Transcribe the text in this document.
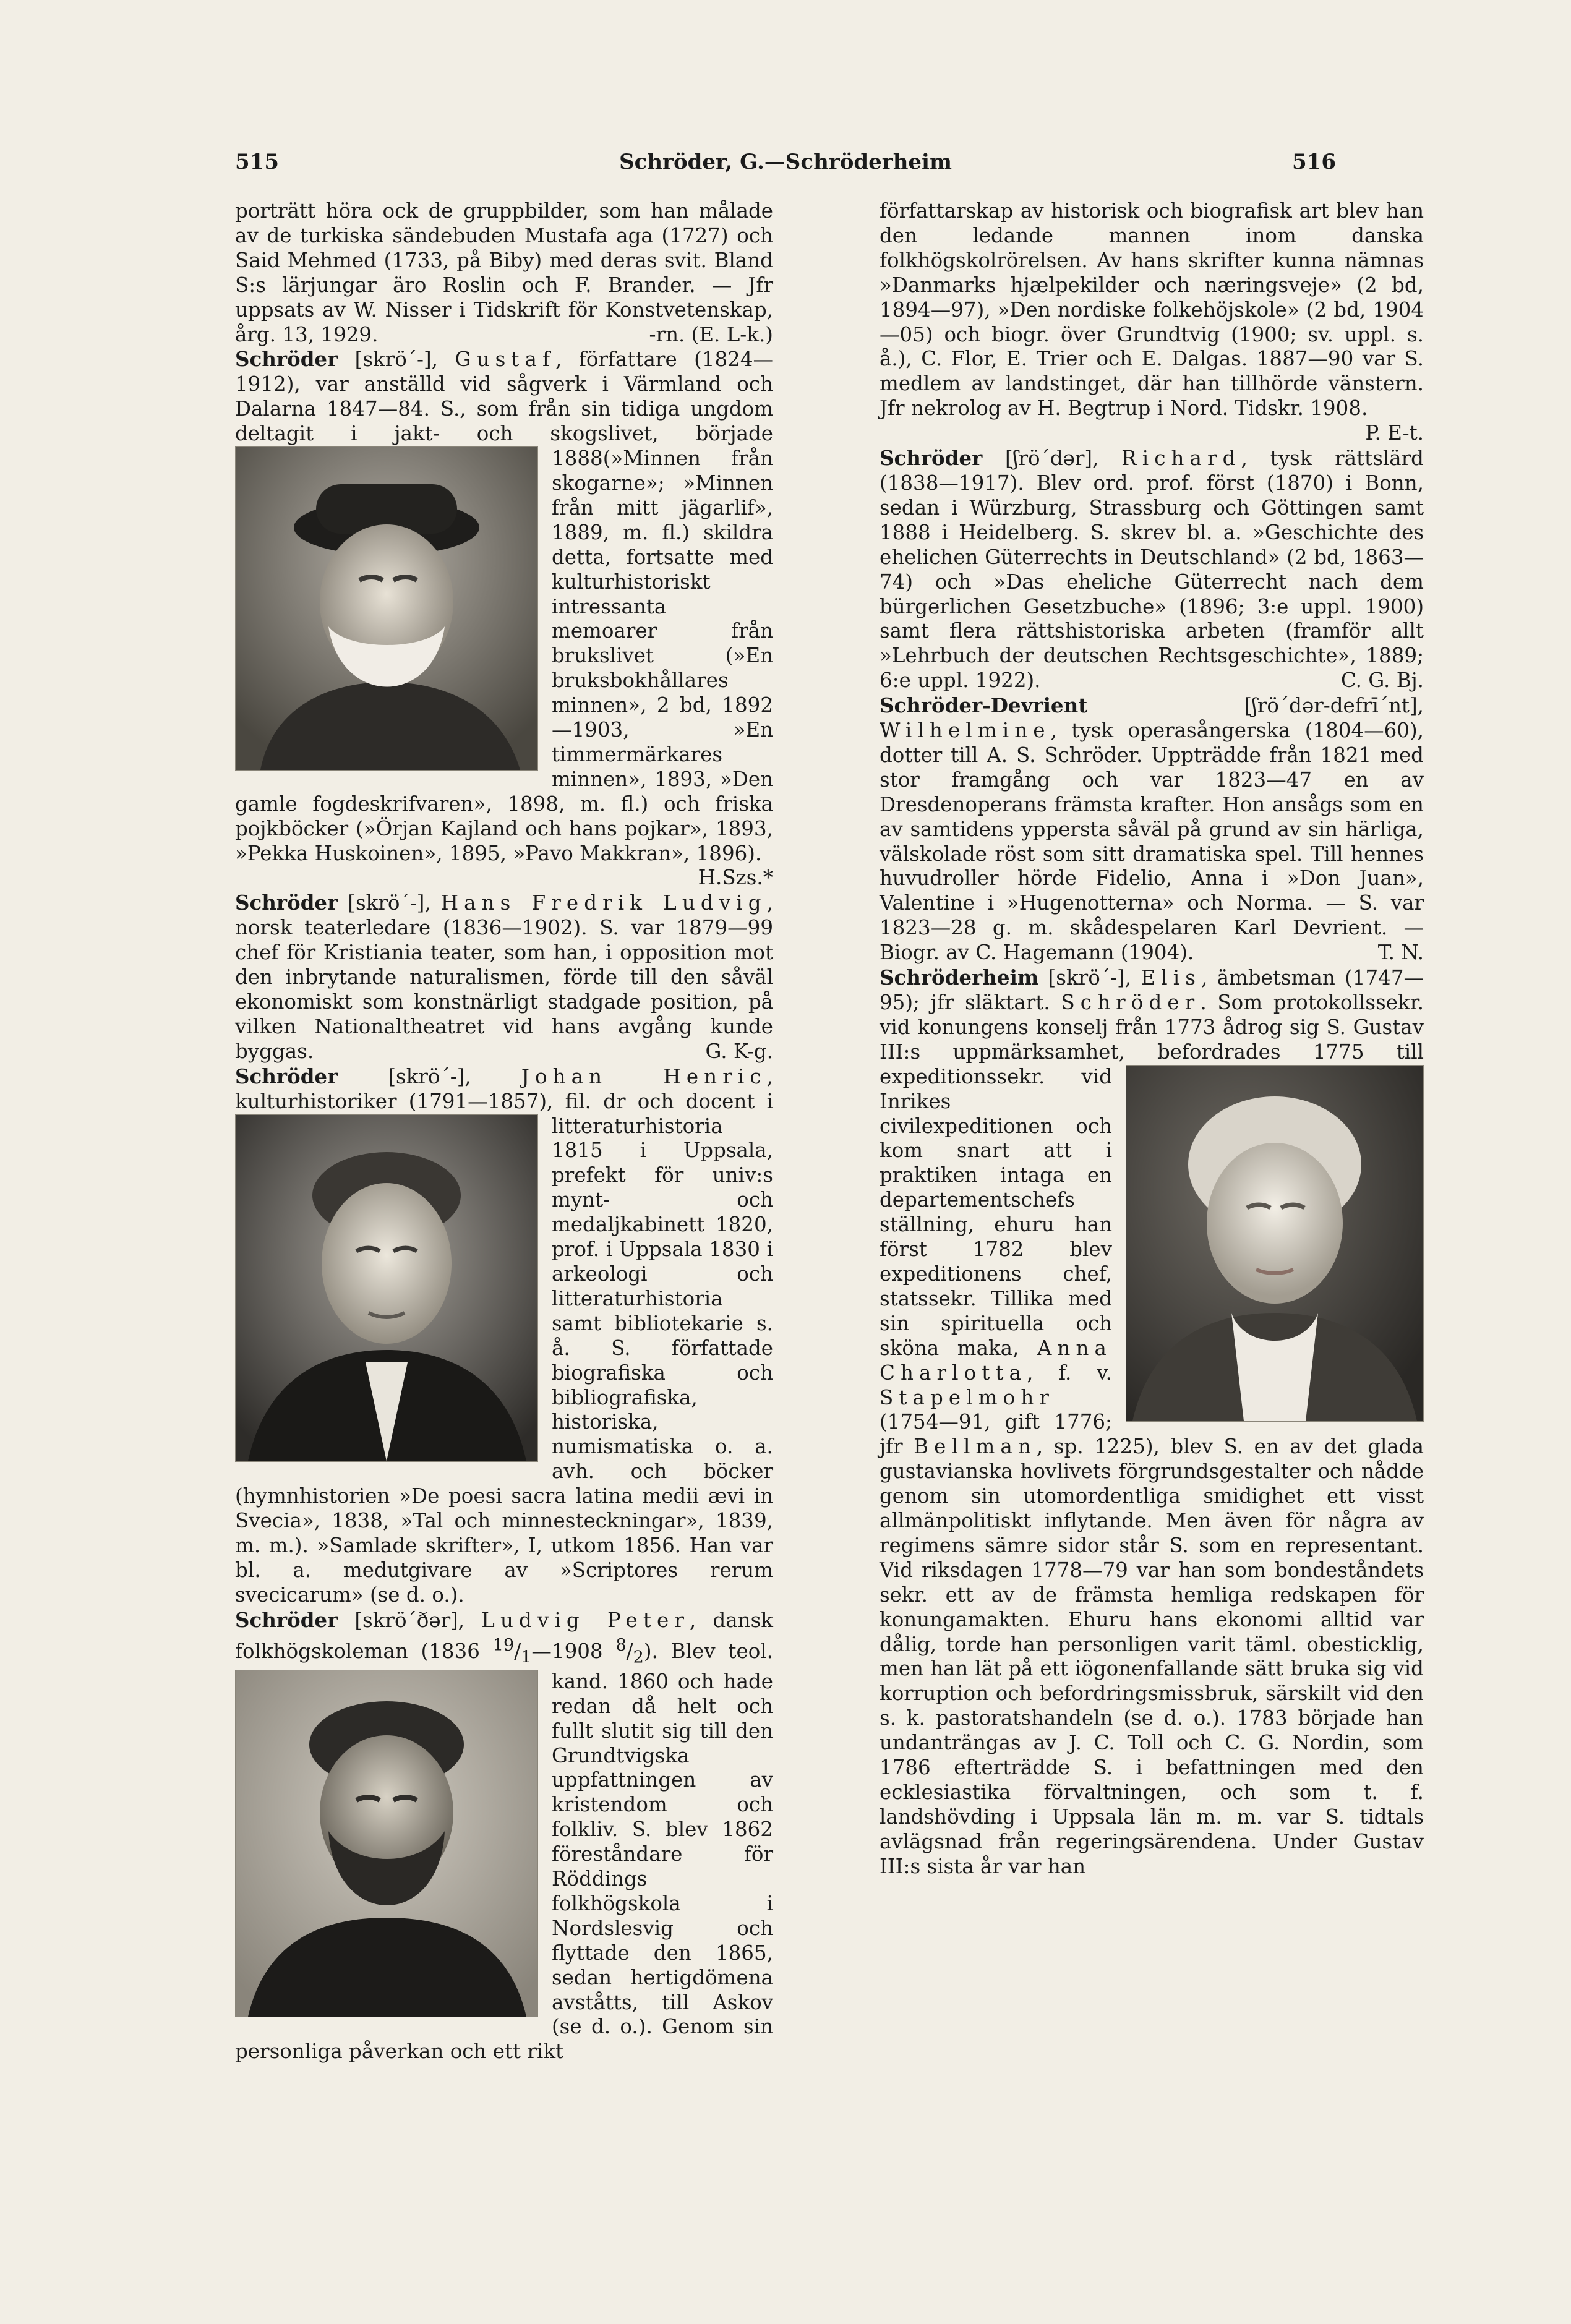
515	Schröder, G.—Schröderheim	516

porträtt höra ock de gruppbilder, som han målade av de turkiska sändebuden Mustafa aga (1727) och Said Mehmed (1733, på Biby) med deras svit. Bland S:s lärjungar äro Roslin och F. Brander. — Jfr uppsats av W. Nisser i Tidskrift för Konstvetenskap, årg. 13, 1929.	-rn. (E. L-k.)

Schröder [skrö´-], Gustaf, författare (1824—1912), var anställd vid sågverk i Värmland och Dalarna 1847—84. S., som från sin tidiga ungdom deltagit i jakt- och skogslivet, började
1888(»Minnen från skogarne»; »Minnen från mitt jägarlif», 1889, m. fl.) skildra detta, fortsatte med kulturhistoriskt intressanta memoarer från brukslivet (»En bruksbokhållares minnen», 2 bd, 1892—1903, »En timmermärkares minnen», 1893, »Den gamle fogdeskrifvaren», 1898, m. fl.) och friska pojkböcker (»Örjan Kajland och hans pojkar», 1893, »Pekka Huskoinen», 1895, »Pavo Makkran», 1896).
H.Szs.*

Schröder [skrö´-], Hans Fredrik Ludvig, norsk teaterledare (1836—1902). S. var 1879—99 chef för Kristiania teater, som han, i opposition mot den inbrytande naturalismen, förde till den såväl ekonomiskt som konstnärligt stadgade position, på vilken Nationaltheatret vid hans avgång kunde byggas.	G. K-g.

Schröder [skrö´-], Johan Henric, kulturhistoriker (1791—1857), fil. dr och docent i
litteraturhistoria 1815 i Uppsala, prefekt för univ:s mynt- och medaljkabinett 1820, prof. i Uppsala 1830 i arkeologi och litteraturhistoria samt bibliotekarie s. å. S. författade biografiska och bibliografiska, historiska, numismatiska o. a. avh. och böcker (hymnhistorien »De poesi sacra latina medii ævi in Svecia», 1838, »Tal och minnesteckningar», 1839, m. m.). »Samlade skrifter», I, utkom 1856. Han var bl. a. medutgivare av »Scriptores rerum svecicarum» (se d. o.).

Schröder [skrö´ðər], Ludvig Peter, dansk folkhögskoleman (1836 $^{19}/_1—1908$ $^8/_2$). Blev teol.
kand. 1860 och hade redan då helt och fullt slutit sig till den Grundtvigska uppfattningen av kristendom och folkliv. S. blev 1862 föreståndare för Röddings folkhögskola i Nordslesvig och flyttade den 1865, sedan hertigdömena avståtts, till Askov (se d. o.). Genom sin personliga påverkan och ett rikt

författarskap av historisk och biografisk art blev han den ledande mannen inom danska folkhögskolrörelsen. Av hans skrifter kunna nämnas »Danmarks hjælpekilder och næringsveje» (2 bd, 1894—97), »Den nordiske folkehöjskole» (2 bd, 1904—05) och biogr. över Grundtvig (1900; sv. uppl. s. å.), C. Flor, E. Trier och E. Dalgas. 1887—90 var S. medlem av landstinget, där han tillhörde vänstern. Jfr nekrolog av H. Begtrup i Nord. Tidskr. 1908.
P. E-t.

Schröder [ʃrö´dər], Richard, tysk rättslärd (1838—1917). Blev ord. prof. först (1870) i Bonn, sedan i Würzburg, Strassburg och Göttingen samt 1888 i Heidelberg. S. skrev bl. a. »Geschichte des ehelichen Güterrechts in Deutschland» (2 bd, 1863—74) och »Das eheliche Güterrecht nach dem bürgerlichen Gesetzbuche» (1896; 3:e uppl. 1900) samt flera rättshistoriska arbeten (framför allt »Lehrbuch der deutschen Rechtsgeschichte», 1889; 6:e uppl. 1922).	C. G. Bj.

Schröder-Devrient [ʃrö´dər-defrī´nt], Wilhelmine, tysk operasångerska (1804—60), dotter till A. S. Schröder. Uppträdde från 1821 med stor framgång och var 1823—47 en av Dresdenoperans främsta krafter. Hon ansågs som en av samtidens yppersta såväl på grund av sin härliga, välskolade röst som sitt dramatiska spel. Till hennes huvudroller hörde Fidelio, Anna i »Don Juan», Valentine i »Hugenotterna» och Norma. — S. var 1823—28 g. m. skådespelaren Karl Devrient. — Biogr. av C. Hagemann (1904).	T. N.

Schröderheim [skrö´-], Elis, ämbetsman (1747—95); jfr släktart. Schröder. Som protokollssekr. vid konungens konselj från 1773 ådrog sig S. Gustav III:s uppmärksamhet, befordrades 1775
till expeditionssekr. vid Inrikes civilexpeditionen och kom snart att i praktiken intaga en departementschefs ställning, ehuru han först 1782 blev expeditionens chef, statssekr. Tillika med sin spirituella och sköna maka, Anna Charlotta, f. v. Stapelmohr (1754—91, gift 1776; jfr Bellman, sp. 1225), blev S. en av det glada gustavianska hovlivets förgrundsgestalter och nådde genom sin utomordentliga smidighet ett visst allmänpolitiskt inflytande. Men även för några av regimens sämre sidor står S. som en representant. Vid riksdagen 1778—79 var han som bondeståndets sekr. ett av de främsta hemliga redskapen för konungamakten. Ehuru hans ekonomi alltid var dålig, torde han personligen varit täml. obesticklig, men han lät på ett iögonenfallande sätt bruka sig vid korruption och befordringsmissbruk, särskilt vid den s. k. pastoratshandeln (se d. o.). 1783 började han undanträngas av J. C. Toll och C. G. Nordin, som 1786 efterträdde S. i befattningen med den ecklesiastika förvaltningen, och som t. f. landshövding i Uppsala län m. m. var S. tidtals avlägsnad från regeringsärendena. Under Gustav III:s sista år var han
